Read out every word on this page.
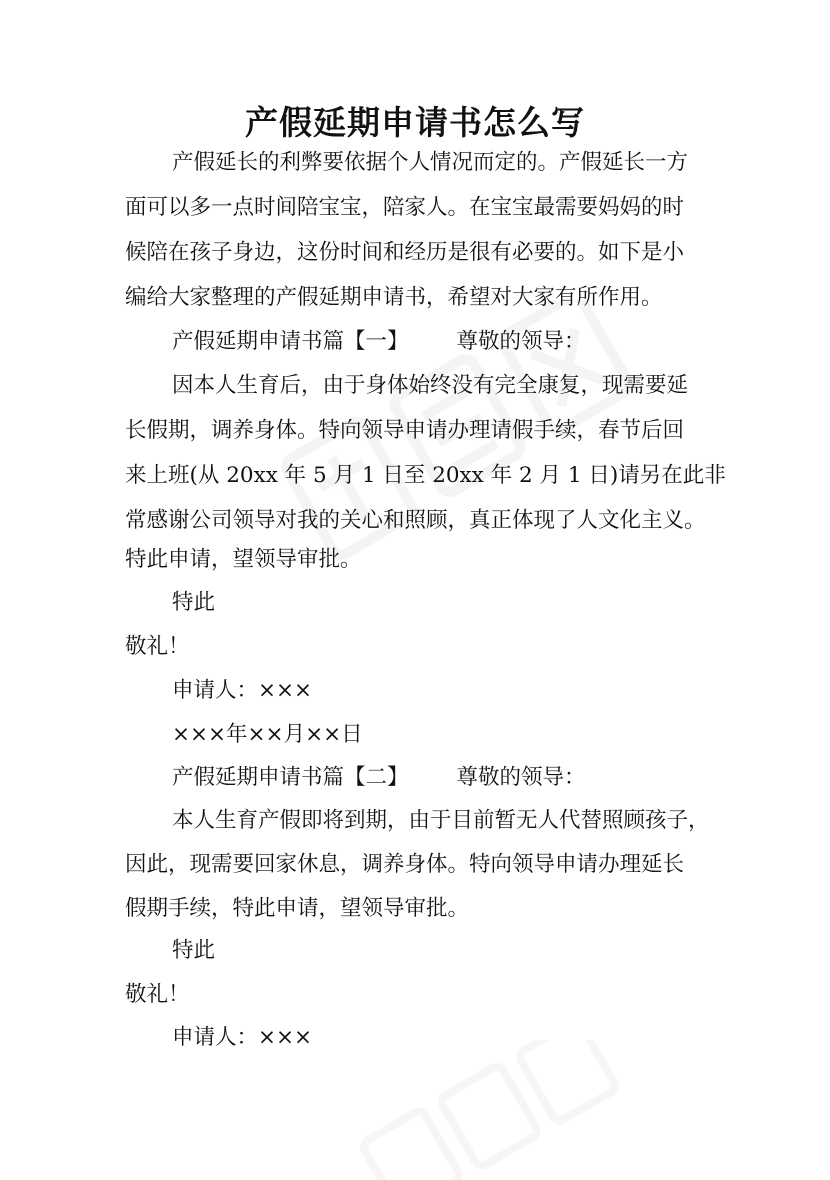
产假延期申请书怎么写
产假延长的利弊要依据个人情况而定的。产假延长一方
面可以多一点时间陪宝宝，陪家人。在宝宝最需要妈妈的时
候陪在孩子身边，这份时间和经历是很有必要的。如下是小
编给大家整理的产假延期申请书，希望对大家有所作用。
产假延期申请书篇【一】 尊敬的领导：
因本人生育后，由于身体始终没有完全康复，现需要延
长假期，调养身体。特向领导申请办理请假手续，春节后回
来上班(从 20xx 年 5 月 1 日至 20xx 年 2 月 1 日)请另在此非
常感谢公司领导对我的关心和照顾，真正体现了人文化主义。
特此申请，望领导审批。
特此
敬礼！
申请人：×××
×××年××月××日
产假延期申请书篇【二】 尊敬的领导：
本人生育产假即将到期，由于目前暂无人代替照顾孩子，
因此，现需要回家休息，调养身体。特向领导申请办理延长
假期手续，特此申请，望领导审批。
特此
敬礼！
申请人：×××
